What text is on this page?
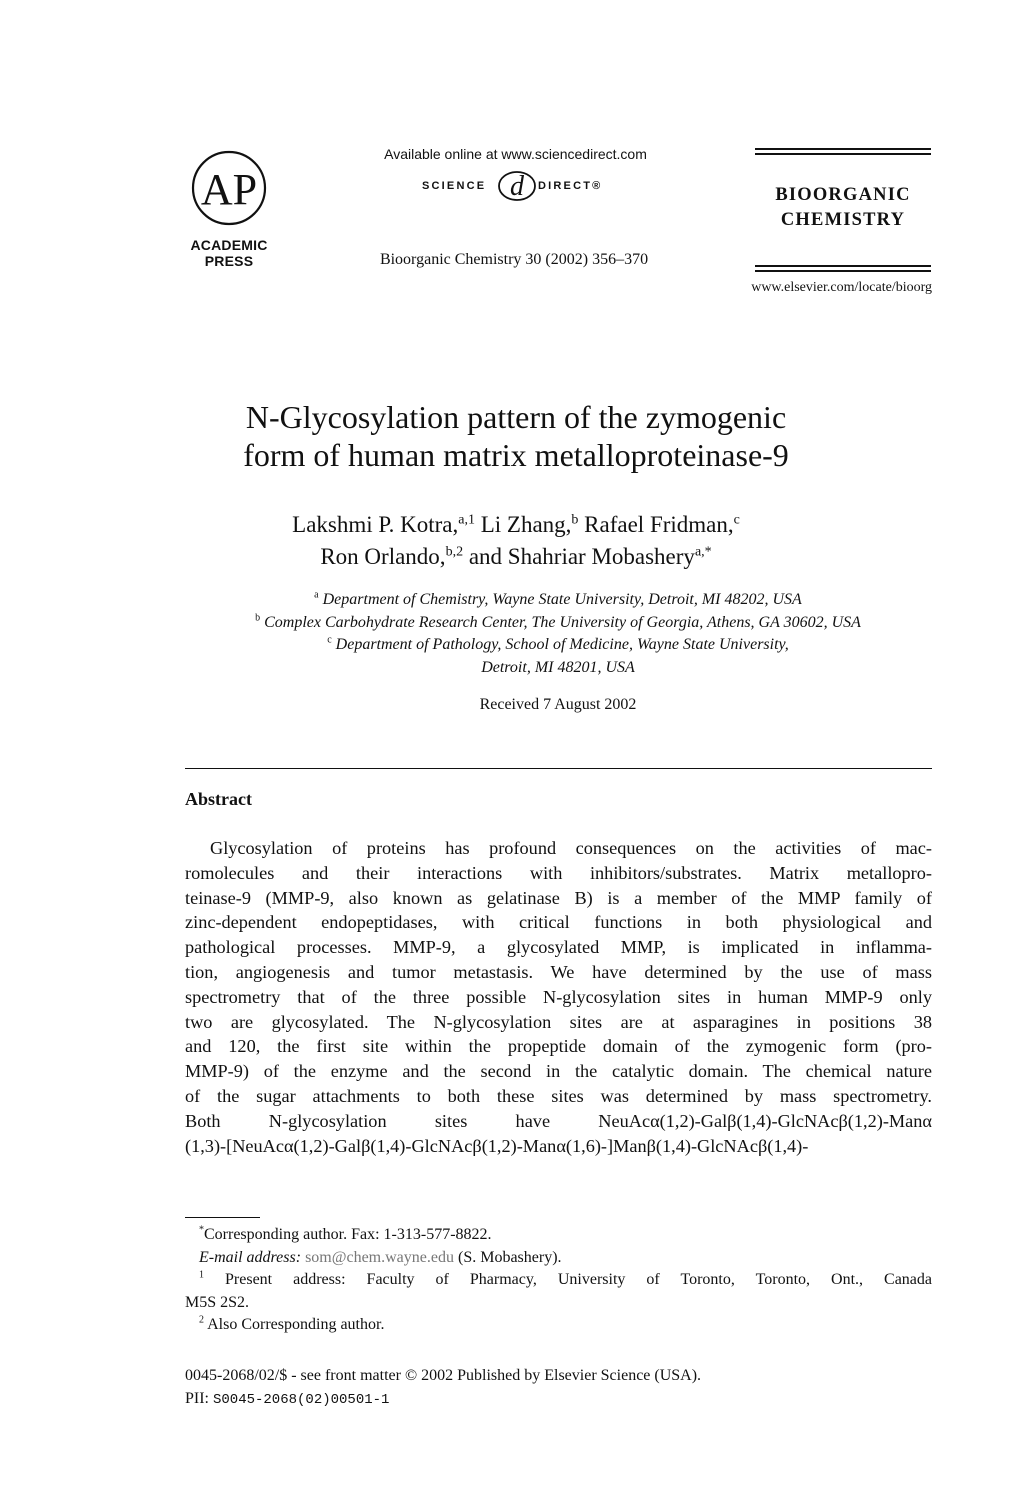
AP
ACADEMIC
PRESS
Available online at www.sciencedirect.com
SCIENCE d DIRECT®
Bioorganic Chemistry 30 (2002) 356–370
BIOORGANIC
CHEMISTRY
www.elsevier.com/locate/bioorg
N-Glycosylation pattern of the zymogenic
form of human matrix metalloproteinase-9
Lakshmi P. Kotra,$^{a,1}$ Li Zhang,$^b$ Rafael Fridman,$^c$
Ron Orlando,$^{b,2}$ and Shahriar Mobashery$^{a,*}$
$^a$ Department of Chemistry, Wayne State University, Detroit, MI 48202, USA
$^b$ Complex Carbohydrate Research Center, The University of Georgia, Athens, GA 30602, USA
$^c$ Department of Pathology, School of Medicine, Wayne State University,
Detroit, MI 48201, USA
Received 7 August 2002
Abstract

Glycosylation of proteins has profound consequences on the activities of mac-

romolecules and their interactions with inhibitors/substrates. Matrix metallopro-

teinase-9 (MMP-9, also known as gelatinase B) is a member of the MMP family of

zinc-dependent endopeptidases, with critical functions in both physiological and

pathological processes. MMP-9, a glycosylated MMP, is implicated in inflamma-

tion, angiogenesis and tumor metastasis. We have determined by the use of mass

spectrometry that of the three possible N-glycosylation sites in human MMP-9 only

two are glycosylated. The N-glycosylation sites are at asparagines in positions 38

and 120, the first site within the propeptide domain of the zymogenic form (pro-

MMP-9) of the enzyme and the second in the catalytic domain. The chemical nature

of the sugar attachments to both these sites was determined by mass spectrometry.

Both N-glycosylation sites have NeuAcα(1,2)-Galβ(1,4)-GlcNAcβ(1,2)-Manα

(1,3)-[NeuAcα(1,2)-Galβ(1,4)-GlcNAcβ(1,2)-Manα(1,6)-]Manβ(1,4)-GlcNAcβ(1,4)-

*Corresponding author. Fax: 1-313-577-8822.
E-mail address: som@chem.wayne.edu (S. Mobashery).
$^1$ Present address: Faculty of Pharmacy, University of Toronto, Toronto, Ont., Canada
M5S 2S2.
$^2$ Also Corresponding author.
0045-2068/02/$ - see front matter © 2002 Published by Elsevier Science (USA).
PII: S0045-2068(02)00501-1
